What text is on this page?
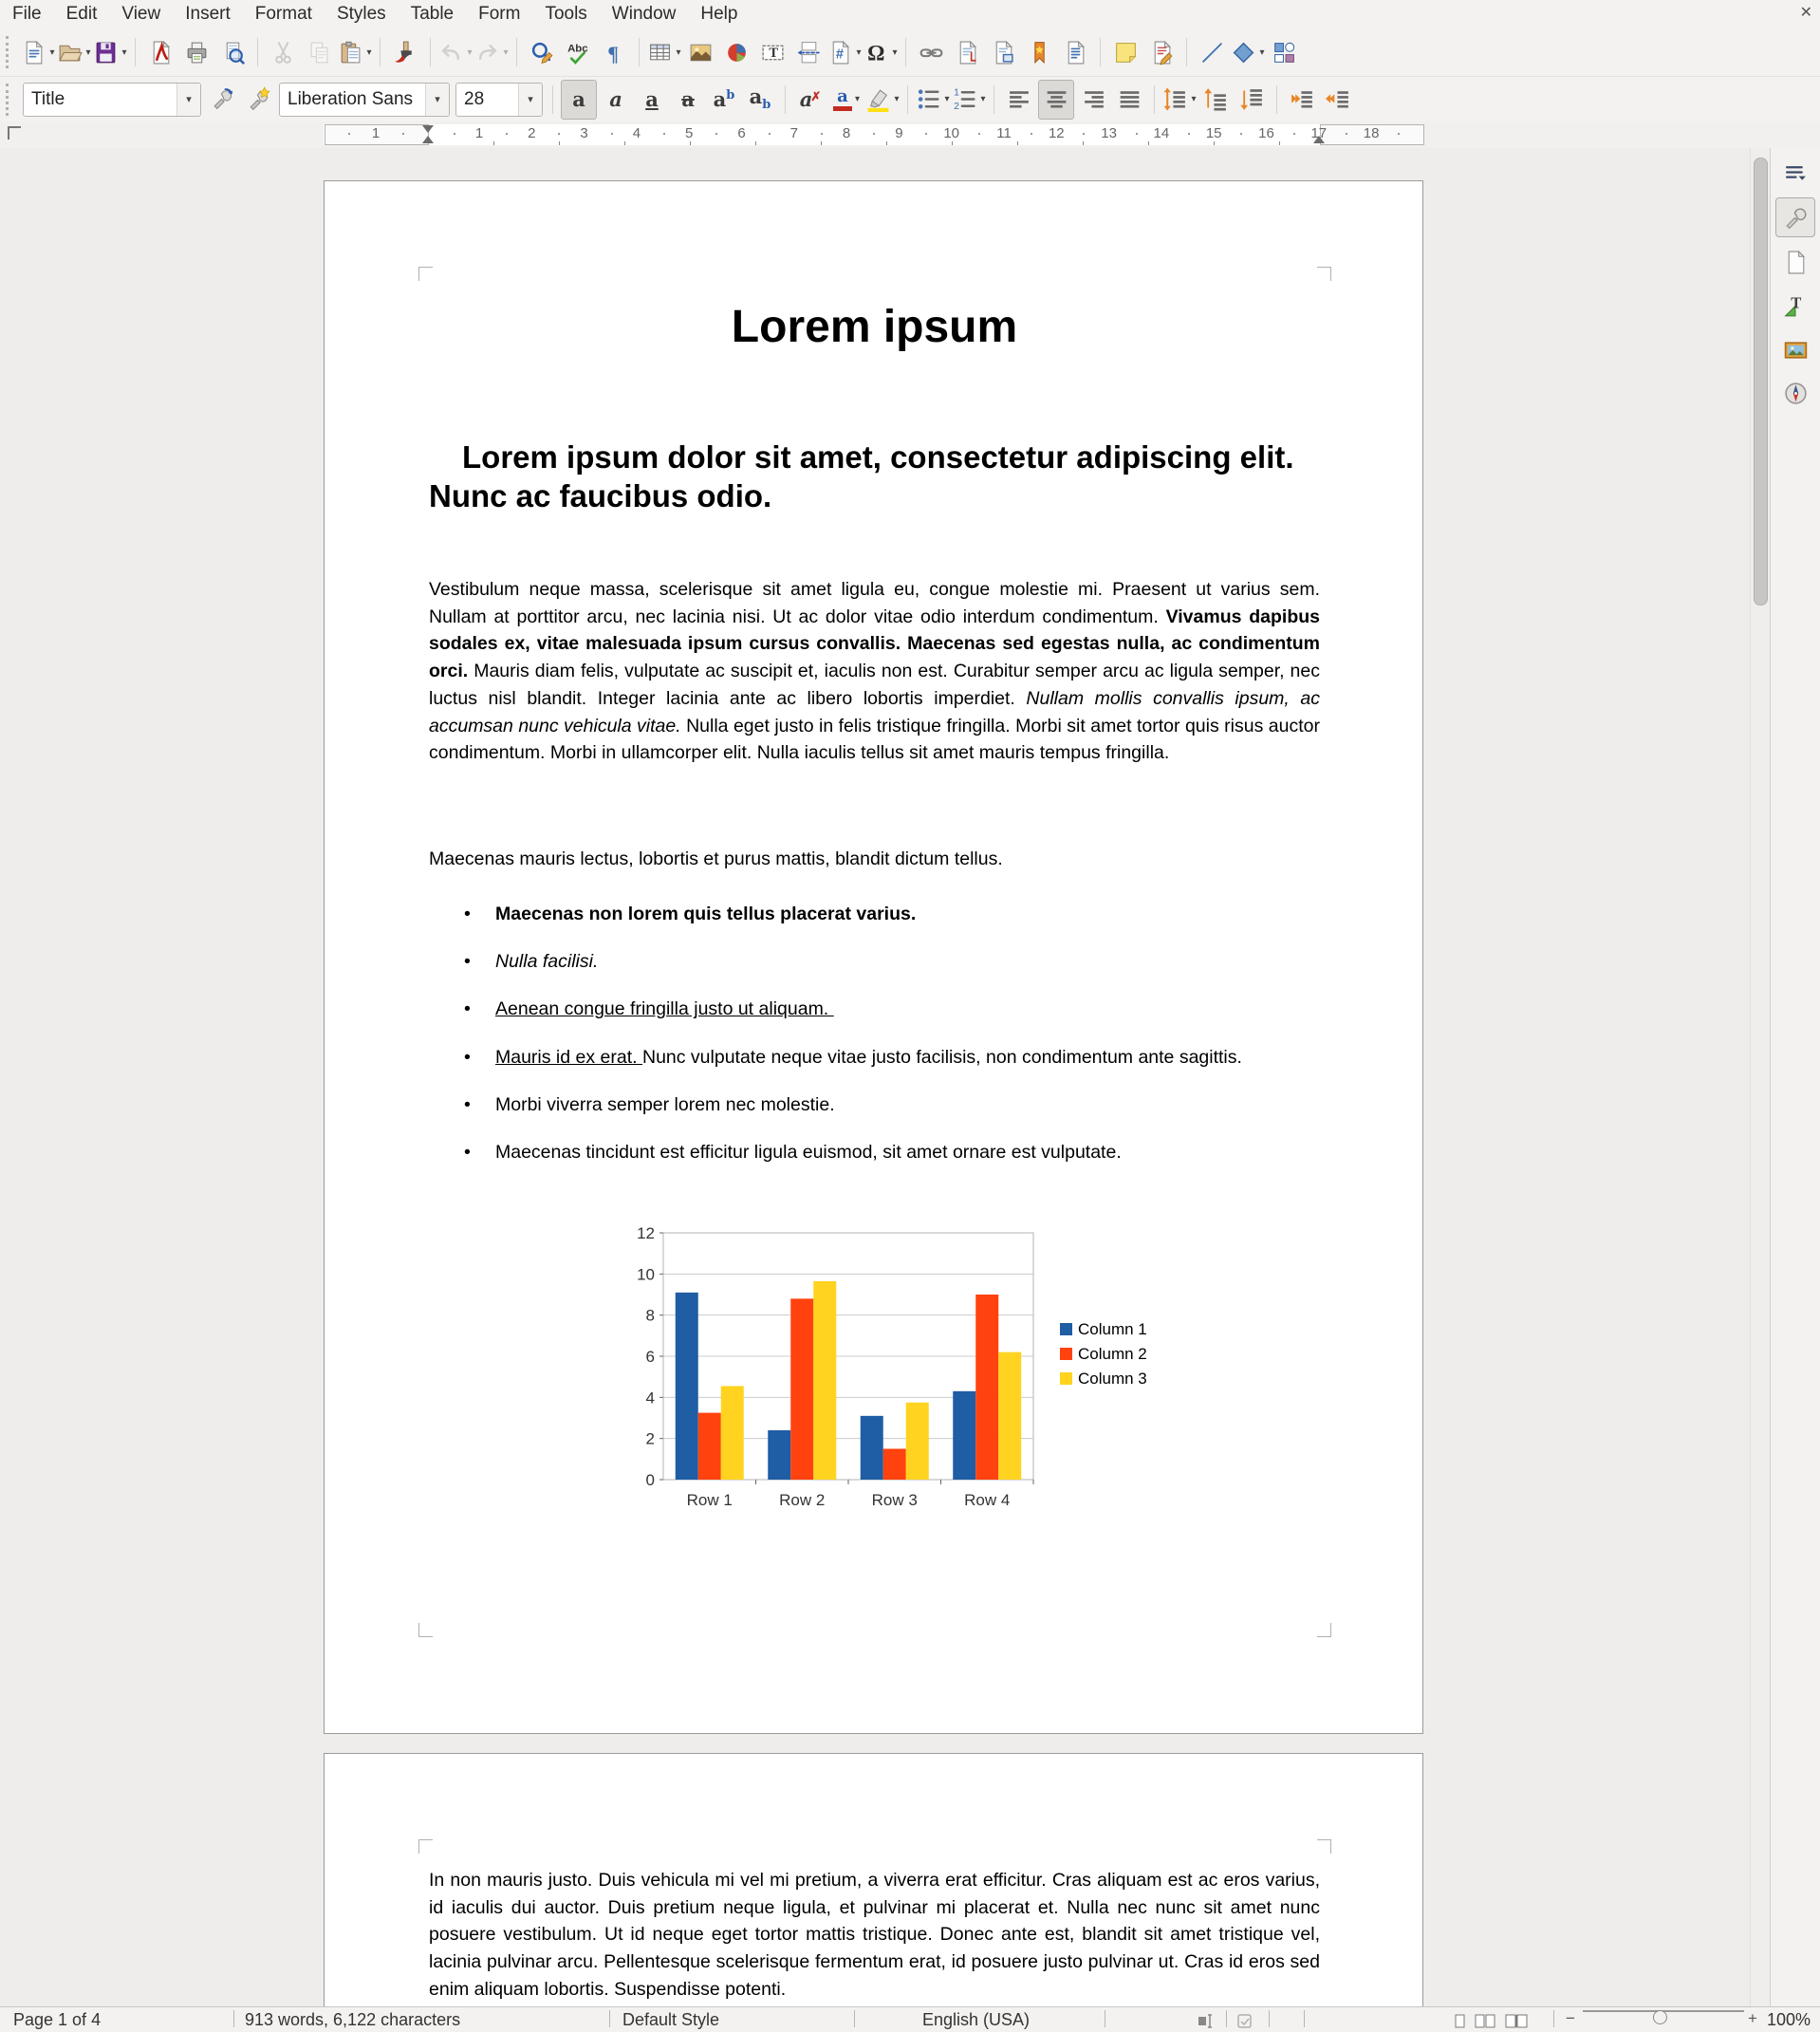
File	Edit	View	Insert	Format	Styles	Table	Form	Tools	Window	Help	✕
▾	▾	▾	▾	▾	▾	Abc ¶	▾	T	# ▾ Ω ▾	▾
Title	▾	Liberation Sans	▾	28	▾	a a a a $a^b$ $a_b$ a
✗ a ▾	▾	▾
1
2
▾	▾
1	1	2	3	4	5	6	7	8	9	10	11	12	13	14	15	16	17	18
Lorem ipsum
Lorem ipsum dolor sit amet, consectetur adipiscing elit. Nunc ac faucibus odio.
Vestibulum neque massa, scelerisque sit amet ligula eu, congue molestie mi. Praesent ut varius sem. Nullam at porttitor arcu, nec lacinia nisi. Ut ac dolor vitae odio interdum condimentum. Vivamus dapibus sodales ex, vitae malesuada ipsum cursus convallis. Maecenas sed egestas nulla, ac condimentum orci. Mauris diam felis, vulputate ac suscipit et, iaculis non est. Curabitur semper arcu ac ligula semper, nec luctus nisl blandit. Integer lacinia ante ac libero lobortis imperdiet. Nullam mollis convallis ipsum, ac accumsan nunc vehicula vitae. Nulla eget justo in felis tristique fringilla. Morbi sit amet tortor quis risus auctor condimentum. Morbi in ullamcorper elit. Nulla iaculis tellus sit amet mauris tempus fringilla.
Maecenas mauris lectus, lobortis et purus mattis, blandit dictum tellus.
• Maecenas non lorem quis tellus placerat varius.
• Nulla facilisi.
• Aenean congue fringilla justo ut aliquam.
• Mauris id ex erat. Nunc vulputate neque vitae justo facilisis, non condimentum ante sagittis.
• Morbi viverra semper lorem nec molestie.
• Maecenas tincidunt est efficitur ligula euismod, sit amet ornare est vulputate.
0
2
4
6
8
10
12
Row 1	Row 2	Row 3	Row 4
Column 1
Column 2
Column 3
In non mauris justo. Duis vehicula mi vel mi pretium, a viverra erat efficitur. Cras aliquam est ac eros varius, id iaculis dui auctor. Duis pretium neque ligula, et pulvinar mi placerat et. Nulla nec nunc sit amet nunc posuere vestibulum. Ut id neque eget tortor mattis tristique. Donec ante est, blandit sit amet tristique vel, lacinia pulvinar arcu. Pellentesque scelerisque fermentum erat, id posuere justo pulvinar ut. Cras id eros sed enim aliquam lobortis. Suspendisse potenti.
T
Page 1 of 4	913 words, 6,122 characters	Default Style	English (USA)	−	+ 100%
